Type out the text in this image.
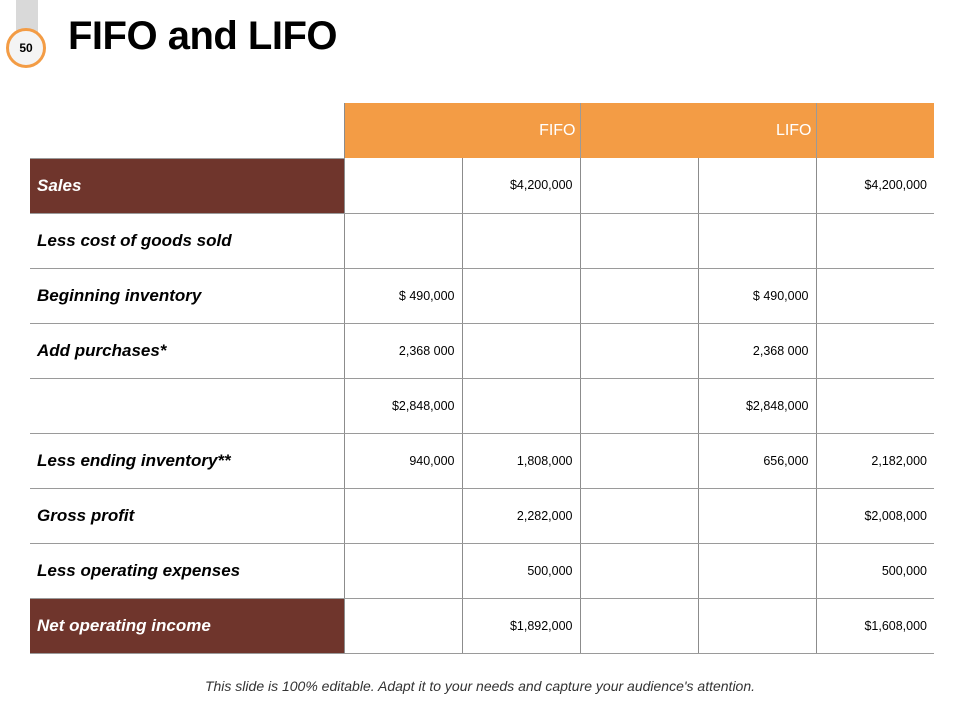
50 FIFO and LIFO
		FIFO		LIFO	
Sales		$4,200,000			$4,200,000
Less cost of goods sold					
Beginning inventory	$ 490,000			$ 490,000	
Add purchases*	2,368 000			2,368 000	
	$2,848,000			$2,848,000	
Less ending inventory**	940,000	1,808,000		656,000	2,182,000
Gross profit		2,282,000			$2,008,000
Less operating expenses		500,000			500,000
Net operating income		$1,892,000			$1,608,000
This slide is 100% editable. Adapt it to your needs and capture your audience's attention.
